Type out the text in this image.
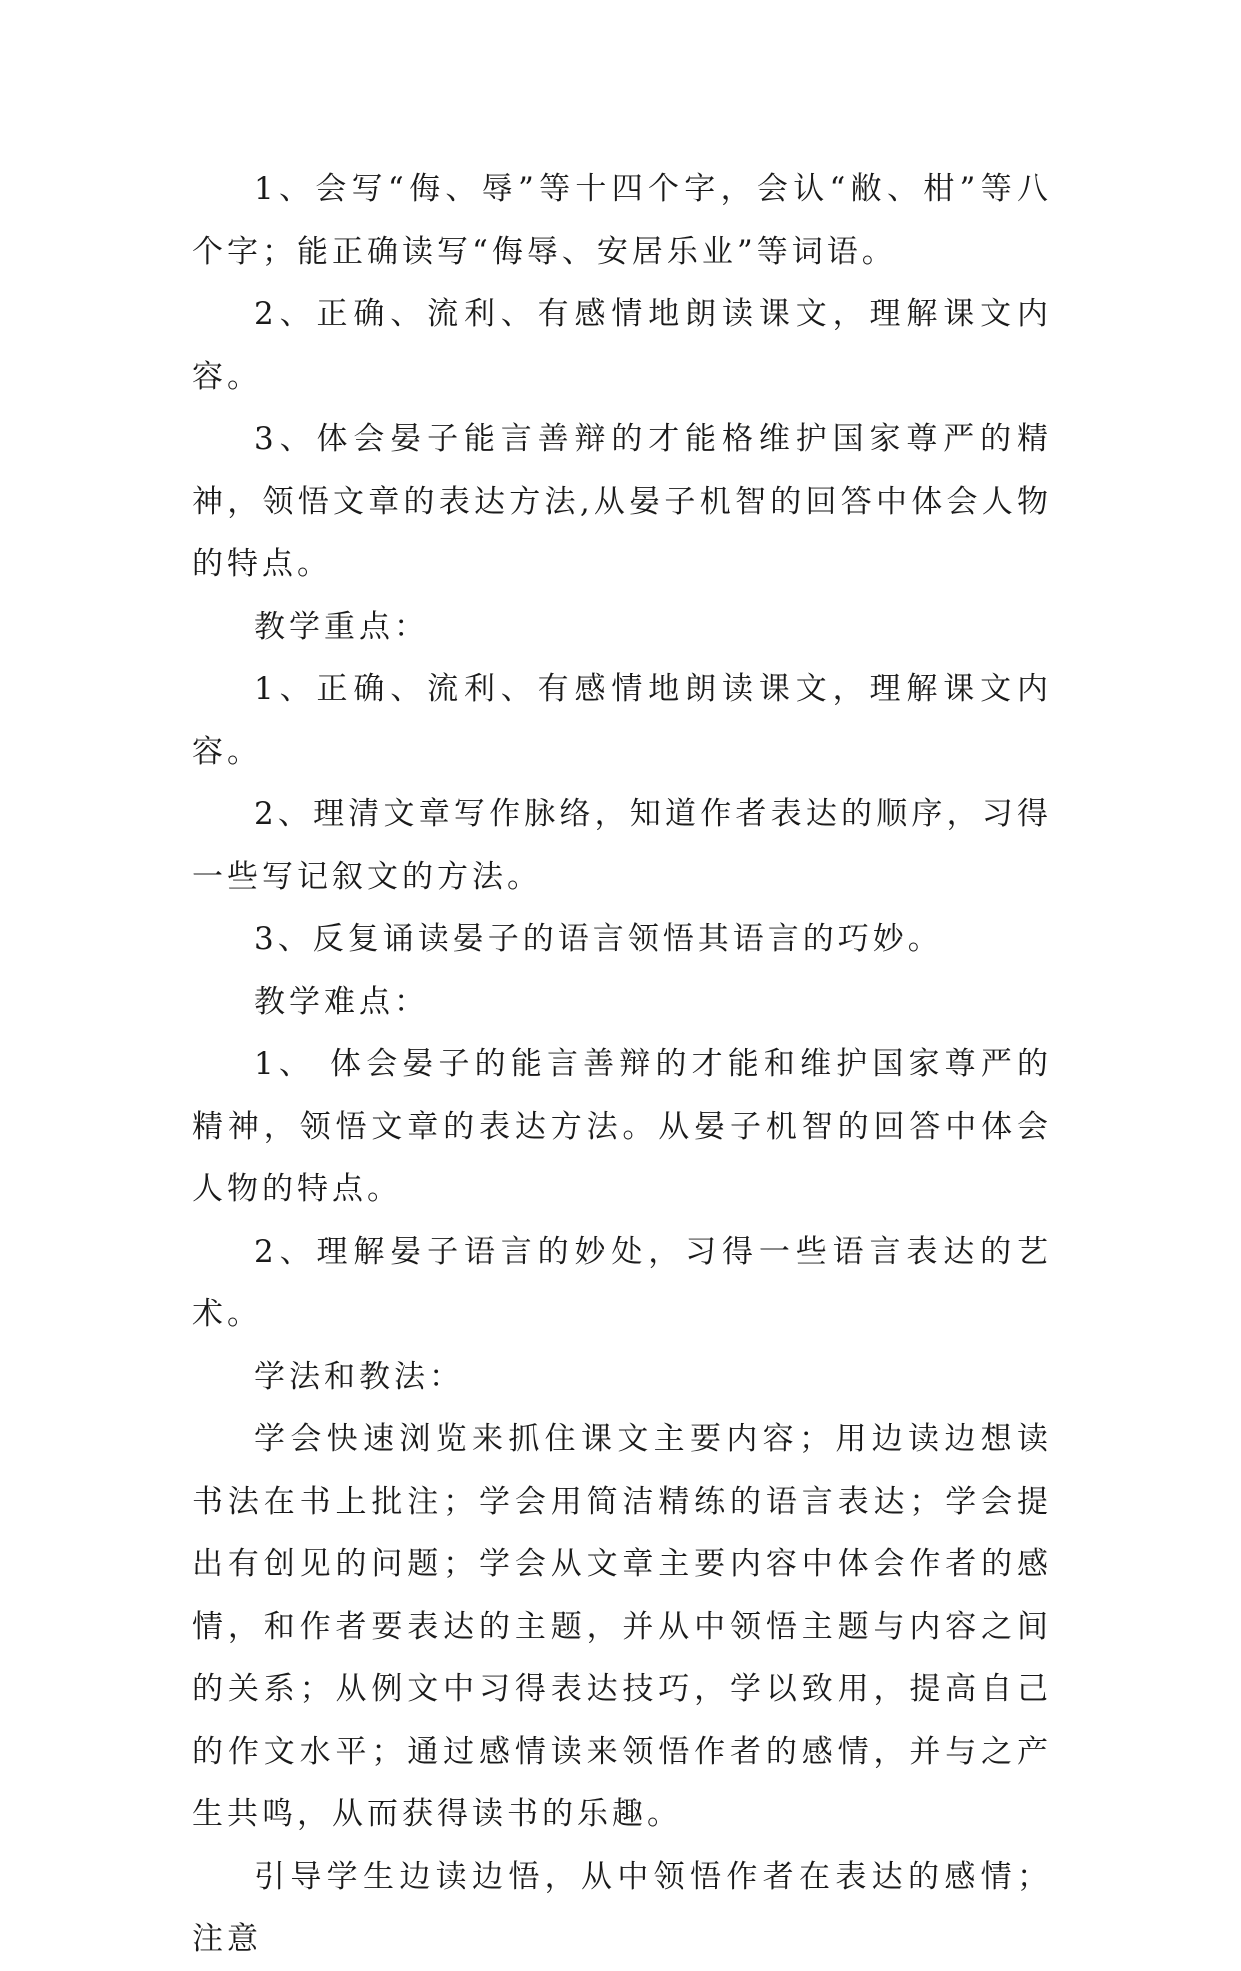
1、会写“侮、辱”等十四个字，会认“敝、柑”等八个字；能正确读写“侮辱、安居乐业”等词语。

2、正确、流利、有感情地朗读课文，理解课文内容。

3、体会晏子能言善辩的才能格维护国家尊严的精神，领悟文章的表达方法,从晏子机智的回答中体会人物的特点。

教学重点：

1、正确、流利、有感情地朗读课文，理解课文内容。

2、理清文章写作脉络，知道作者表达的顺序，习得一些写记叙文的方法。

3、反复诵读晏子的语言领悟其语言的巧妙。

教学难点：

1、 体会晏子的能言善辩的才能和维护国家尊严的精神，领悟文章的表达方法。从晏子机智的回答中体会人物的特点。

2、理解晏子语言的妙处，习得一些语言表达的艺术。

学法和教法：

学会快速浏览来抓住课文主要内容；用边读边想读书法在书上批注；学会用简洁精练的语言表达；学会提出有创见的问题；学会从文章主要内容中体会作者的感情，和作者要表达的主题，并从中领悟主题与内容之间的关系；从例文中习得表达技巧，学以致用，提高自己的作文水平；通过感情读来领悟作者的感情，并与之产生共鸣，从而获得读书的乐趣。

引导学生边读边悟，从中领悟作者在表达的感情；注意
